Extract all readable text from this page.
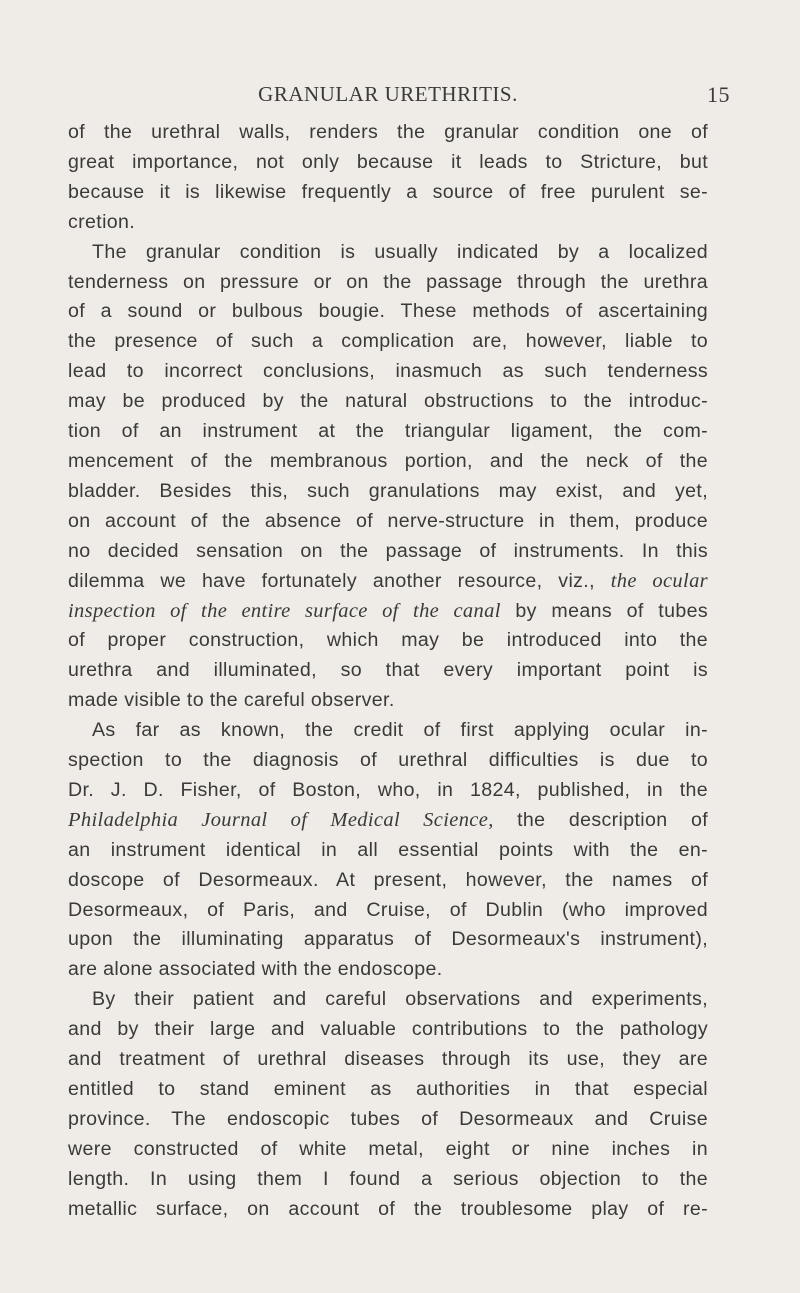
GRANULAR URETHRITIS.	15
of the urethral walls, renders the granular condition one of
great importance, not only because it leads to Stricture, but
because it is likewise frequently a source of free purulent se-
cretion.
The granular condition is usually indicated by a localized
tenderness on pressure or on the passage through the urethra
of a sound or bulbous bougie. These methods of ascertaining
the presence of such a complication are, however, liable to
lead to incorrect conclusions, inasmuch as such tenderness
may be produced by the natural obstructions to the introduc-
tion of an instrument at the triangular ligament, the com-
mencement of the membranous portion, and the neck of the
bladder. Besides this, such granulations may exist, and yet,
on account of the absence of nerve-structure in them, produce
no decided sensation on the passage of instruments. In this
dilemma we have fortunately another resource, viz., the ocular
inspection of the entire surface of the canal by means of tubes
of proper construction, which may be introduced into the
urethra and illuminated, so that every important point is
made visible to the careful observer.
As far as known, the credit of first applying ocular in-
spection to the diagnosis of urethral difficulties is due to
Dr. J. D. Fisher, of Boston, who, in 1824, published, in the
Philadelphia Journal of Medical Science, the description of
an instrument identical in all essential points with the en-
doscope of Desormeaux. At present, however, the names of
Desormeaux, of Paris, and Cruise, of Dublin (who improved
upon the illuminating apparatus of Desormeaux's instrument),
are alone associated with the endoscope.
By their patient and careful observations and experiments,
and by their large and valuable contributions to the pathology
and treatment of urethral diseases through its use, they are
entitled to stand eminent as authorities in that especial
province. The endoscopic tubes of Desormeaux and Cruise
were constructed of white metal, eight or nine inches in
length. In using them I found a serious objection to the
metallic surface, on account of the troublesome play of re-
